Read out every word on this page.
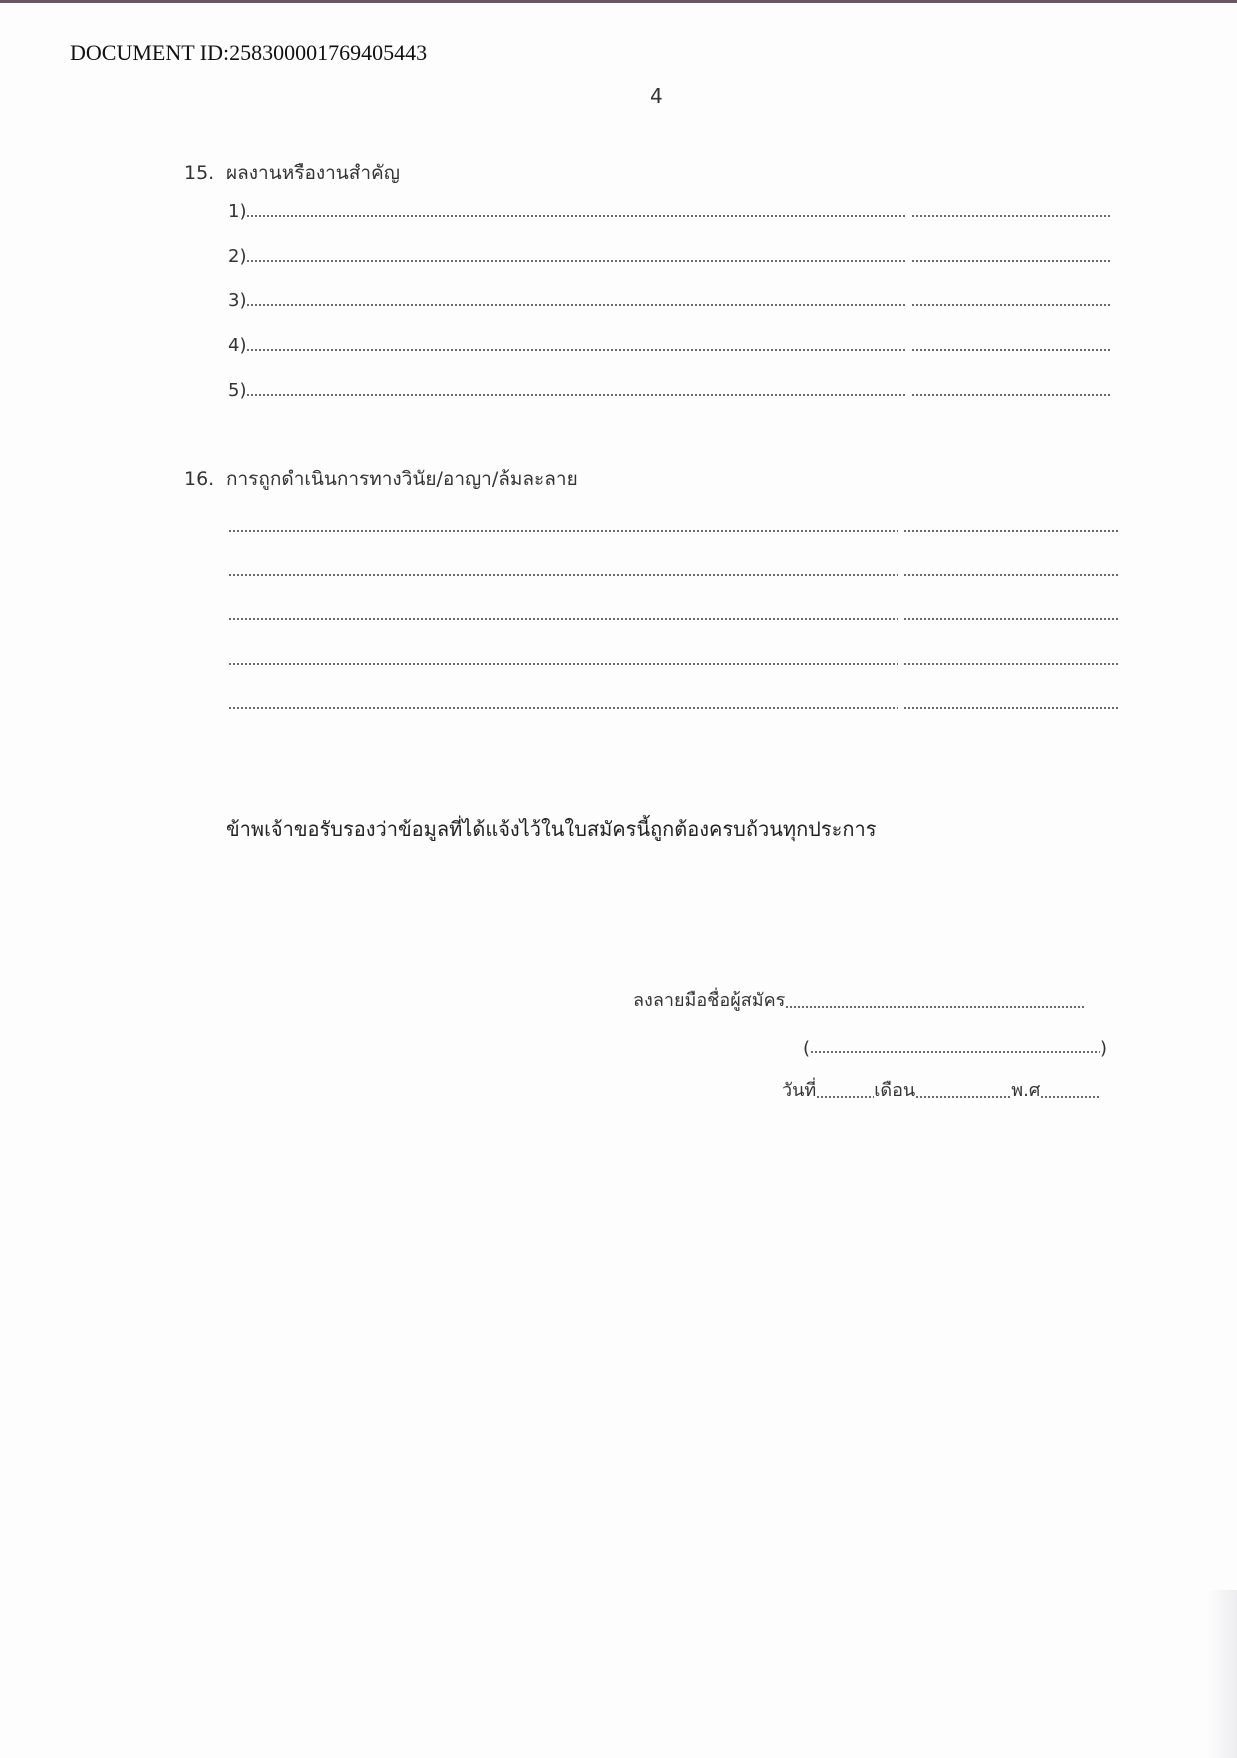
DOCUMENT ID:258300001769405443
4
15. ผลงานหรืองานสำคัญ
1)
2)
3)
4)
5)
16. การถูกดำเนินการทางวินัย/อาญา/ล้มละลาย
ข้าพเจ้าขอรับรองว่าข้อมูลที่ได้แจ้งไว้ในใบสมัครนี้ถูกต้องครบถ้วนทุกประการ
ลงลายมือชื่อผู้สมัคร
(	)
วันที่	เดือน	พ.ศ
